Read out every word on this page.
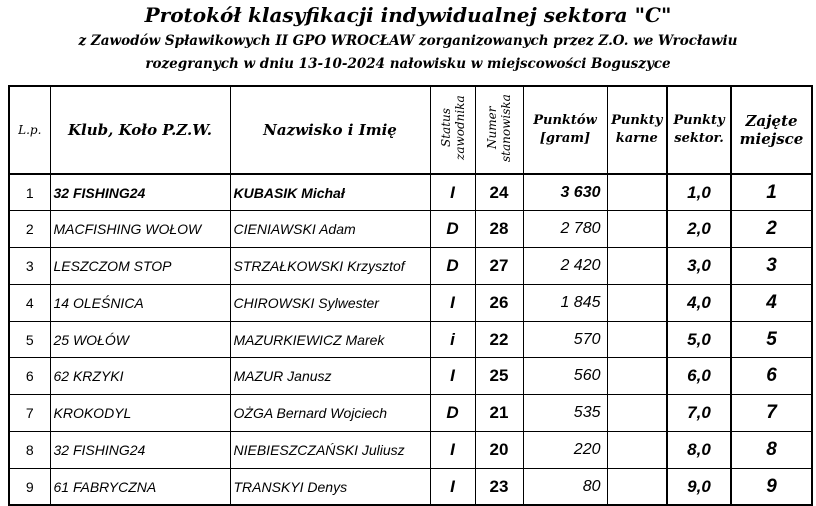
Protokół klasyfikacji indywidualnej sektora "C"
z Zawodów Spławikowych II GPO WROCŁAW zorganizowanych przez Z.O. we Wrocławiu
rozegranych w dniu 13-10-2024 nałowisku w miejscowości Boguszyce
L.p.	Klub, Koło P.Z.W.	Nazwisko i Imię	Status zawodnika	Numer stanowiska	Punktów [gram]	Punkty karne	Punkty sektor.	Zajęte miejsce
1	32 FISHING24	KUBASIK Michał	I	24	3 630		1,0	1
2	MACFISHING WOŁOW	CIENIAWSKI Adam	D	28	2 780		2,0	2
3	LESZCZOM STOP	STRZAŁKOWSKI Krzysztof	D	27	2 420		3,0	3
4	14 OLEŚNICA	CHIROWSKI Sylwester	I	26	1 845		4,0	4
5	25 WOŁÓW	MAZURKIEWICZ Marek	i	22	570		5,0	5
6	62 KRZYKI	MAZUR Janusz	I	25	560		6,0	6
7	KROKODYL	OŻGA Bernard Wojciech	D	21	535		7,0	7
8	32 FISHING24	NIEBIESZCZAŃSKI Juliusz	I	20	220		8,0	8
9	61 FABRYCZNA	TRANSKYI Denys	I	23	80		9,0	9
